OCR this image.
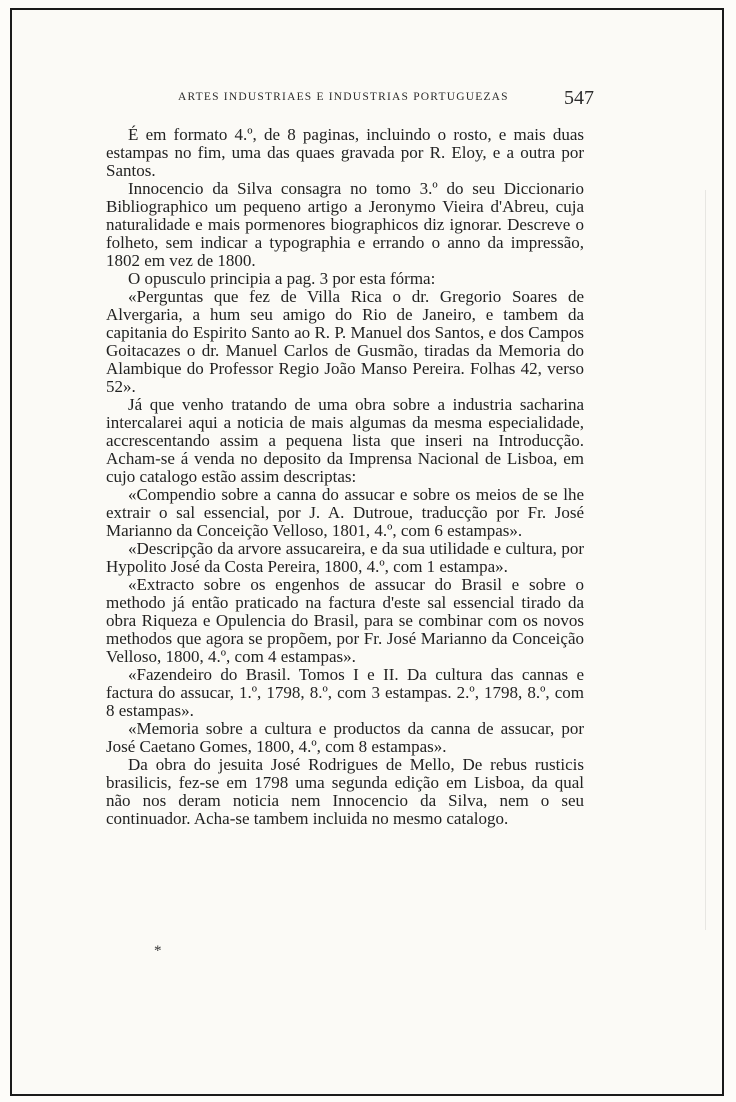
ARTES INDUSTRIAES E INDUSTRIAS PORTUGUEZAS	547

É em formato 4.º, de 8 paginas, incluindo o rosto, e mais duas estampas no fim, uma das quaes gravada por R. Eloy, e a outra por Santos.

Innocencio da Silva consagra no tomo 3.º do seu Diccionario Bibliographico um pequeno artigo a Jeronymo Vieira d'Abreu, cuja naturalidade e mais pormenores biographicos diz ignorar. Descreve o folheto, sem indicar a typographia e errando o anno da impressão, 1802 em vez de 1800.

O opusculo principia a pag. 3 por esta fórma:

«Perguntas que fez de Villa Rica o dr. Gregorio Soares de Alvergaria, a hum seu amigo do Rio de Janeiro, e tambem da capitania do Espirito Santo ao R. P. Manuel dos Santos, e dos Campos Goitacazes o dr. Manuel Carlos de Gusmão, tiradas da Memoria do Alambique do Professor Regio João Manso Pereira. Folhas 42, verso 52».

Já que venho tratando de uma obra sobre a industria sacharina intercalarei aqui a noticia de mais algumas da mesma especialidade, accrescentando assim a pequena lista que inseri na Introducção. Acham-se á venda no deposito da Imprensa Nacional de Lisboa, em cujo catalogo estão assim descriptas:

«Compendio sobre a canna do assucar e sobre os meios de se lhe extrair o sal essencial, por J. A. Dutroue, traducção por Fr. José Marianno da Conceição Velloso, 1801, 4.º, com 6 estampas».

«Descripção da arvore assucareira, e da sua utilidade e cultura, por Hypolito José da Costa Pereira, 1800, 4.º, com 1 estampa».

«Extracto sobre os engenhos de assucar do Brasil e sobre o methodo já então praticado na factura d'este sal essencial tirado da obra Riqueza e Opulencia do Brasil, para se combinar com os novos methodos que agora se propõem, por Fr. José Marianno da Conceição Velloso, 1800, 4.º, com 4 estampas».

«Fazendeiro do Brasil. Tomos I e II. Da cultura das cannas e factura do assucar, 1.º, 1798, 8.º, com 3 estampas. 2.º, 1798, 8.º, com 8 estampas».

«Memoria sobre a cultura e productos da canna de assucar, por José Caetano Gomes, 1800, 4.º, com 8 estampas».

Da obra do jesuita José Rodrigues de Mello, De rebus rusticis brasilicis, fez-se em 1798 uma segunda edição em Lisboa, da qual não nos deram noticia nem Innocencio da Silva, nem o seu continuador. Acha-se tambem incluida no mesmo catalogo.

*
